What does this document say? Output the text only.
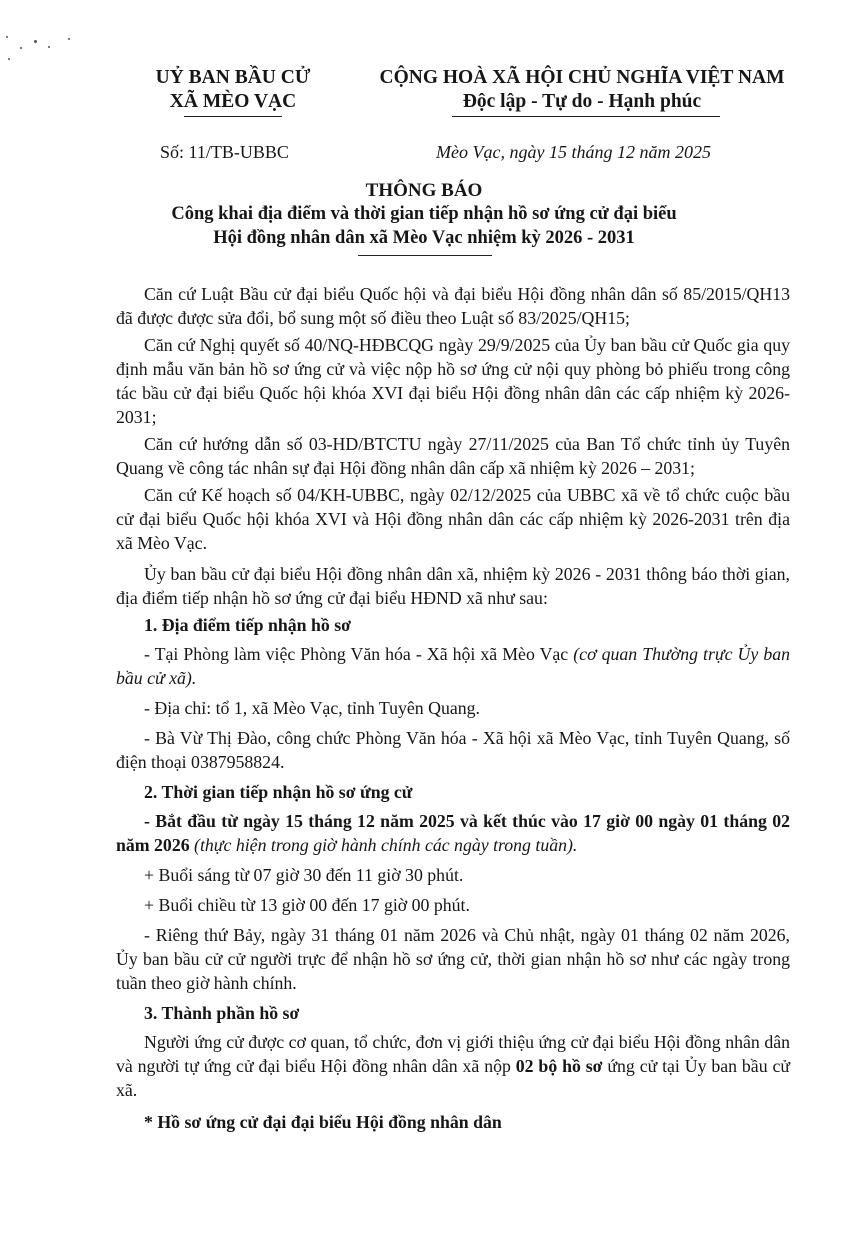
UỶ BAN BẦU CỬ
XÃ MÈO VẠC
CỘNG HOÀ XÃ HỘI CHỦ NGHĨA VIỆT NAM
Độc lập - Tự do - Hạnh phúc
Số: 11/TB-UBBC	Mèo Vạc, ngày 15 tháng 12 năm 2025
THÔNG BÁO
Công khai địa điểm và thời gian tiếp nhận hồ sơ ứng cử đại biểu
Hội đồng nhân dân xã Mèo Vạc nhiệm kỳ 2026 - 2031

Căn cứ Luật Bầu cử đại biểu Quốc hội và đại biểu Hội đồng nhân dân số 85/2015/QH13 đã được được sửa đổi, bổ sung một số điều theo Luật số 83/2025/QH15;

Căn cứ Nghị quyết số 40/NQ-HĐBCQG ngày 29/9/2025 của Ủy ban bầu cử Quốc gia quy định mẫu văn bản hồ sơ ứng cử và việc nộp hồ sơ ứng cử nội quy phòng bỏ phiếu trong công tác bầu cử đại biểu Quốc hội khóa XVI đại biểu Hội đồng nhân dân các cấp nhiệm kỳ 2026-2031;

Căn cứ hướng dẫn số 03-HD/BTCTU ngày 27/11/2025 của Ban Tổ chức tỉnh ủy Tuyên Quang về công tác nhân sự đại Hội đồng nhân dân cấp xã nhiệm kỳ 2026 – 2031;

Căn cứ Kế hoạch số 04/KH-UBBC, ngày 02/12/2025 của UBBC xã về tổ chức cuộc bầu cử đại biểu Quốc hội khóa XVI và Hội đồng nhân dân các cấp nhiệm kỳ 2026-2031 trên địa xã Mèo Vạc.

Ủy ban bầu cử đại biểu Hội đồng nhân dân xã, nhiệm kỳ 2026 - 2031 thông báo thời gian, địa điểm tiếp nhận hồ sơ ứng cử đại biểu HĐND xã như sau:

1. Địa điểm tiếp nhận hồ sơ

- Tại Phòng làm việc Phòng Văn hóa - Xã hội xã Mèo Vạc (cơ quan Thường trực Ủy ban bầu cử xã).

- Địa chỉ: tổ 1, xã Mèo Vạc, tỉnh Tuyên Quang.

- Bà Vừ Thị Đào, công chức Phòng Văn hóa - Xã hội xã Mèo Vạc, tỉnh Tuyên Quang, số điện thoại 0387958824.

2. Thời gian tiếp nhận hồ sơ ứng cử

- Bắt đầu từ ngày 15 tháng 12 năm 2025 và kết thúc vào 17 giờ 00 ngày 01 tháng 02 năm 2026 (thực hiện trong giờ hành chính các ngày trong tuần).

+ Buổi sáng từ 07 giờ 30 đến 11 giờ 30 phút.

+ Buổi chiều từ 13 giờ 00 đến 17 giờ 00 phút.

- Riêng thứ Bảy, ngày 31 tháng 01 năm 2026 và Chủ nhật, ngày 01 tháng 02 năm 2026, Ủy ban bầu cử cử người trực để nhận hồ sơ ứng cử, thời gian nhận hồ sơ như các ngày trong tuần theo giờ hành chính.

3. Thành phần hồ sơ

Người ứng cử được cơ quan, tổ chức, đơn vị giới thiệu ứng cử đại biểu Hội đồng nhân dân và người tự ứng cử đại biểu Hội đồng nhân dân xã nộp 02 bộ hồ sơ ứng cử tại Ủy ban bầu cử xã.

* Hồ sơ ứng cử đại đại biểu Hội đồng nhân dân
